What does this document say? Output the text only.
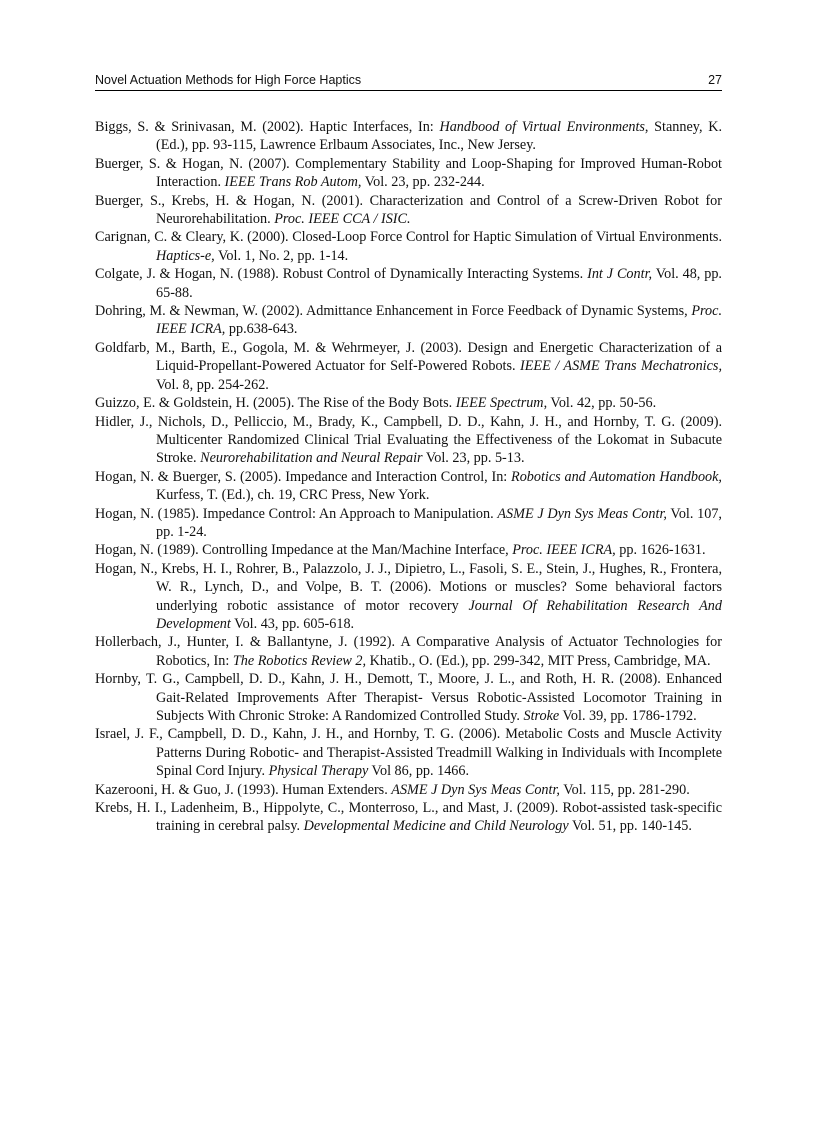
Novel Actuation Methods for High Force Haptics	27
Biggs, S. & Srinivasan, M. (2002). Haptic Interfaces, In: Handbood of Virtual Environments, Stanney, K. (Ed.), pp. 93-115, Lawrence Erlbaum Associates, Inc., New Jersey.
Buerger, S. & Hogan, N. (2007). Complementary Stability and Loop-Shaping for Improved Human-Robot Interaction. IEEE Trans Rob Autom, Vol. 23, pp. 232-244.
Buerger, S., Krebs, H. & Hogan, N. (2001). Characterization and Control of a Screw-Driven Robot for Neurorehabilitation. Proc. IEEE CCA / ISIC.
Carignan, C. & Cleary, K. (2000). Closed-Loop Force Control for Haptic Simulation of Virtual Environments. Haptics-e, Vol. 1, No. 2, pp. 1-14.
Colgate, J. & Hogan, N. (1988). Robust Control of Dynamically Interacting Systems. Int J Contr, Vol. 48, pp. 65-88.
Dohring, M. & Newman, W. (2002). Admittance Enhancement in Force Feedback of Dynamic Systems, Proc. IEEE ICRA, pp.638-643.
Goldfarb, M., Barth, E., Gogola, M. & Wehrmeyer, J. (2003). Design and Energetic Characterization of a Liquid-Propellant-Powered Actuator for Self-Powered Robots. IEEE / ASME Trans Mechatronics, Vol. 8, pp. 254-262.
Guizzo, E. & Goldstein, H. (2005). The Rise of the Body Bots. IEEE Spectrum, Vol. 42, pp. 50-56.
Hidler, J., Nichols, D., Pelliccio, M., Brady, K., Campbell, D. D., Kahn, J. H., and Hornby, T. G. (2009). Multicenter Randomized Clinical Trial Evaluating the Effectiveness of the Lokomat in Subacute Stroke. Neurorehabilitation and Neural Repair Vol. 23, pp. 5-13.
Hogan, N. & Buerger, S. (2005). Impedance and Interaction Control, In: Robotics and Automation Handbook, Kurfess, T. (Ed.), ch. 19, CRC Press, New York.
Hogan, N. (1985). Impedance Control: An Approach to Manipulation. ASME J Dyn Sys Meas Contr, Vol. 107, pp. 1-24.
Hogan, N. (1989). Controlling Impedance at the Man/Machine Interface, Proc. IEEE ICRA, pp. 1626-1631.
Hogan, N., Krebs, H. I., Rohrer, B., Palazzolo, J. J., Dipietro, L., Fasoli, S. E., Stein, J., Hughes, R., Frontera, W. R., Lynch, D., and Volpe, B. T. (2006). Motions or muscles? Some behavioral factors underlying robotic assistance of motor recovery Journal Of Rehabilitation Research And Development Vol. 43, pp. 605-618.
Hollerbach, J., Hunter, I. & Ballantyne, J. (1992). A Comparative Analysis of Actuator Technologies for Robotics, In: The Robotics Review 2, Khatib., O. (Ed.), pp. 299-342, MIT Press, Cambridge, MA.
Hornby, T. G., Campbell, D. D., Kahn, J. H., Demott, T., Moore, J. L., and Roth, H. R. (2008). Enhanced Gait-Related Improvements After Therapist- Versus Robotic-Assisted Locomotor Training in Subjects With Chronic Stroke: A Randomized Controlled Study. Stroke Vol. 39, pp. 1786-1792.
Israel, J. F., Campbell, D. D., Kahn, J. H., and Hornby, T. G. (2006). Metabolic Costs and Muscle Activity Patterns During Robotic- and Therapist-Assisted Treadmill Walking in Individuals with Incomplete Spinal Cord Injury. Physical Therapy Vol 86, pp. 1466.
Kazerooni, H. & Guo, J. (1993). Human Extenders. ASME J Dyn Sys Meas Contr, Vol. 115, pp. 281-290.
Krebs, H. I., Ladenheim, B., Hippolyte, C., Monterroso, L., and Mast, J. (2009). Robot-assisted task-specific training in cerebral palsy. Developmental Medicine and Child Neurology Vol. 51, pp. 140-145.
